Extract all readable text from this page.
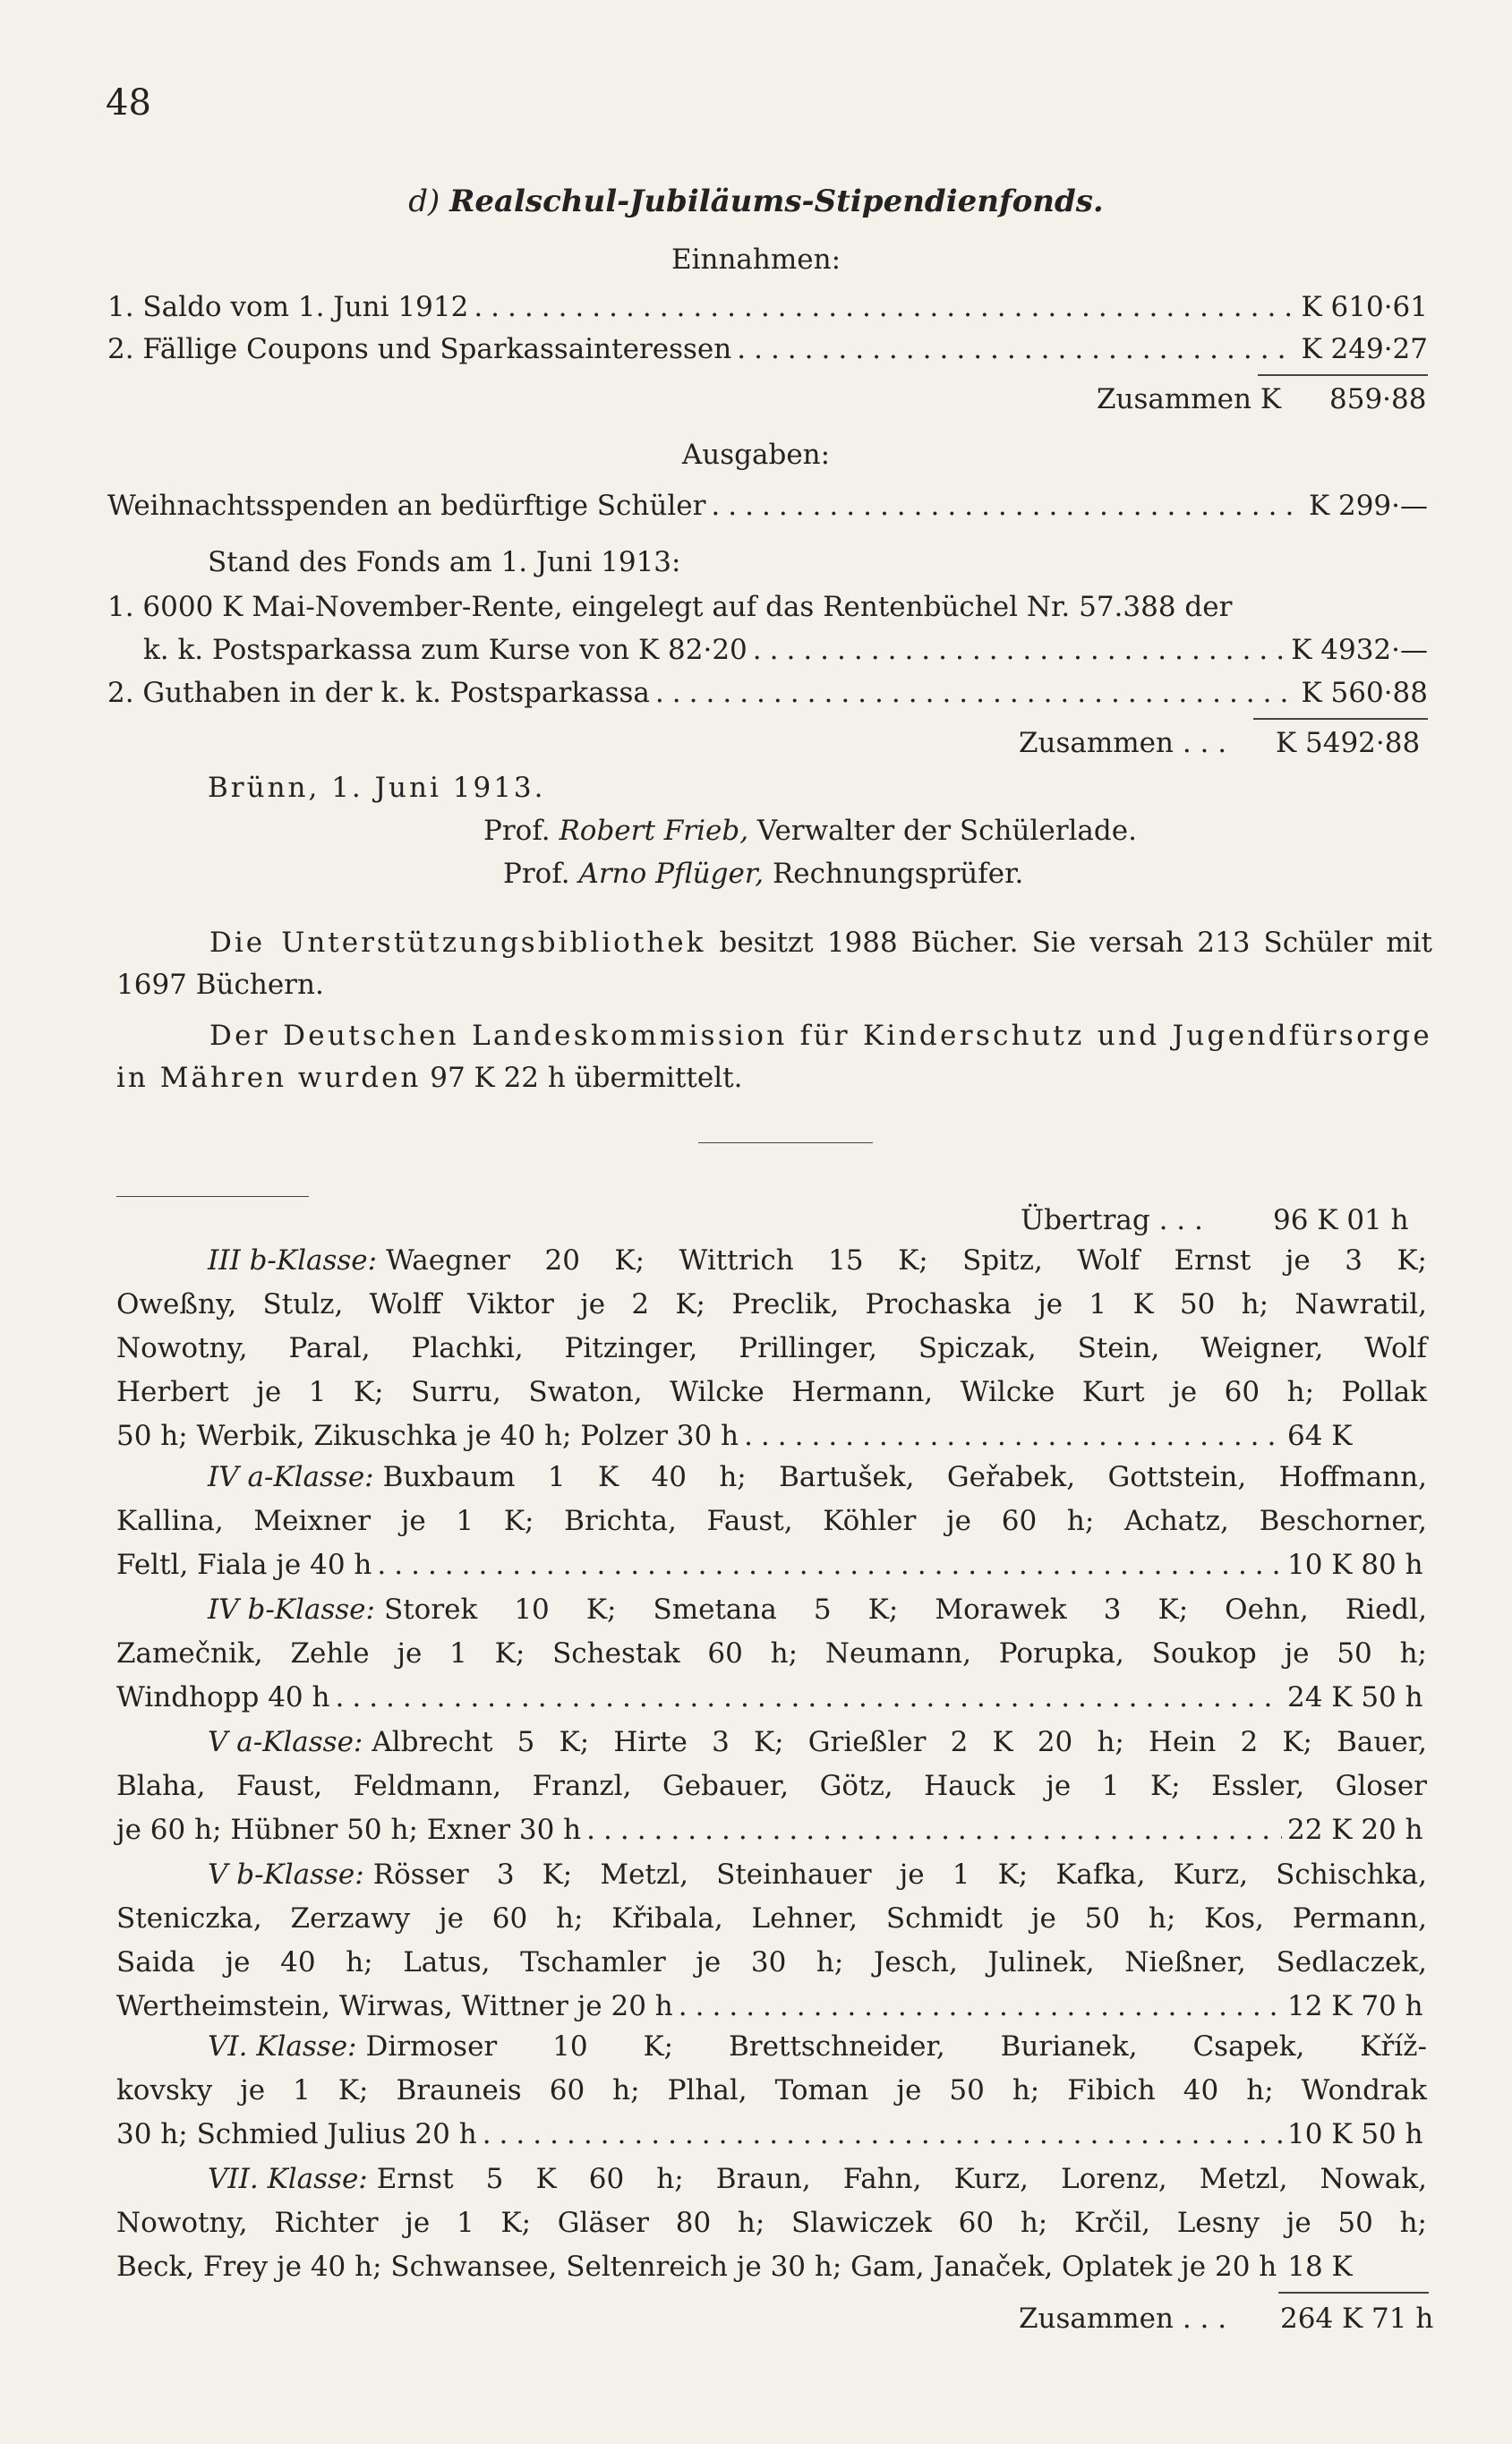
48
d) Realschul-Jubiläums-Stipendienfonds.
Einnahmen:
1. Saldo vom 1. Juni 1912 .....	K 610·61
2. Fällige Coupons und Sparkassainteressen .....	K 249·27
Zusammen K 859·88
Ausgaben:
Weihnachtsspenden an bedürftige Schüler .....	K 299·—
Stand des Fonds am 1. Juni 1913:
1. 6000 K Mai-November-Rente, eingelegt auf das Rentenbüchel Nr. 57.388 der
k. k. Postsparkassa zum Kurse von K 82·20 .....	K 4932·—
2. Guthaben in der k. k. Postsparkassa .....	K 560·88
Zusammen . . . K 5492·88
Brünn, 1. Juni 1913.
Prof. Robert Frieb, Verwalter der Schülerlade.
Prof. Arno Pflüger, Rechnungsprüfer.
Die Unterstützungsbibliothek besitzt 1988 Bücher. Sie versah 213 Schüler mit
1697 Büchern.
Der Deutschen Landeskommission für Kinderschutz und Jugendfürsorge
in Mähren wurden 97 K 22 h übermittelt.
Übertrag . . .	96 K 01 h
III b-Klasse: Waegner 20 K; Wittrich 15 K; Spitz, Wolf Ernst je 3 K;
Oweßny, Stulz, Wolff Viktor je 2 K; Preclik, Prochaska je 1 K 50 h; Nawratil,
Nowotny, Paral, Plachki, Pitzinger, Prillinger, Spiczak, Stein, Weigner, Wolf
Herbert je 1 K; Surru, Swaton, Wilcke Hermann, Wilcke Kurt je 60 h; Pollak
50 h; Werbik, Zikuschka je 40 h; Polzer 30 h .....	64 K
IV a-Klasse: Buxbaum 1 K 40 h; Bartušek, Geřabek, Gottstein, Hoffmann,
Kallina, Meixner je 1 K; Brichta, Faust, Köhler je 60 h; Achatz, Beschorner,
Feltl, Fiala je 40 h .....	10 K 80 h
IV b-Klasse: Storek 10 K; Smetana 5 K; Morawek 3 K; Oehn, Riedl,
Zamečnik, Zehle je 1 K; Schestak 60 h; Neumann, Porupka, Soukop je 50 h;
Windhopp 40 h .....	24 K 50 h
V a-Klasse: Albrecht 5 K; Hirte 3 K; Grießler 2 K 20 h; Hein 2 K; Bauer,
Blaha, Faust, Feldmann, Franzl, Gebauer, Götz, Hauck je 1 K; Essler, Gloser
je 60 h; Hübner 50 h; Exner 30 h .....	22 K 20 h
V b-Klasse: Rösser 3 K; Metzl, Steinhauer je 1 K; Kafka, Kurz, Schischka,
Steniczka, Zerzawy je 60 h; Křibala, Lehner, Schmidt je 50 h; Kos, Permann,
Saida je 40 h; Latus, Tschamler je 30 h; Jesch, Julinek, Nießner, Sedlaczek,
Wertheimstein, Wirwas, Wittner je 20 h .....	12 K 70 h
VI. Klasse: Dirmoser 10 K; Brettschneider, Burianek, Csapek, Kříž-
kovsky je 1 K; Brauneis 60 h; Plhal, Toman je 50 h; Fibich 40 h; Wondrak
30 h; Schmied Julius 20 h .....	10 K 50 h
VII. Klasse: Ernst 5 K 60 h; Braun, Fahn, Kurz, Lorenz, Metzl, Nowak,
Nowotny, Richter je 1 K; Gläser 80 h; Slawiczek 60 h; Krčil, Lesny je 50 h;
Beck, Frey je 40 h; Schwansee, Seltenreich je 30 h; Gam, Janaček, Oplatek je 20 h 18 K
Zusammen . . . 264 K 71 h
